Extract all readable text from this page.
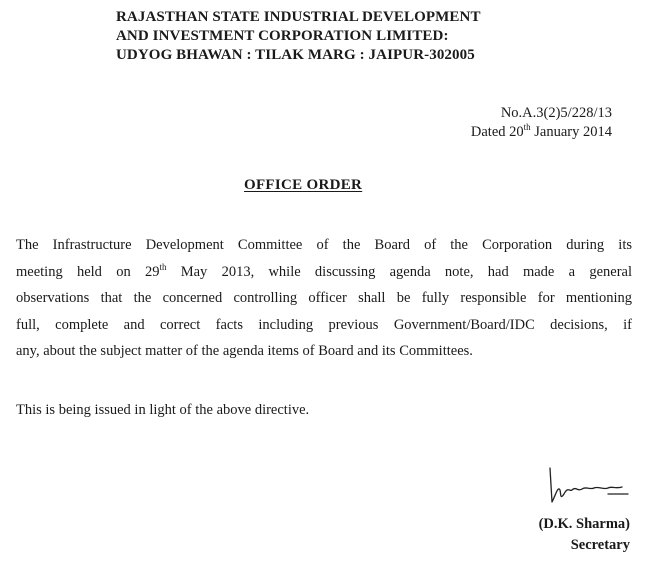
RAJASTHAN STATE INDUSTRIAL DEVELOPMENT
AND INVESTMENT CORPORATION LIMITED:
UDYOG BHAWAN : TILAK MARG : JAIPUR-302005
No.A.3(2)5/228/13
Dated 20th January 2014
OFFICE ORDER
The Infrastructure Development Committee of the Board of the Corporation during its
meeting held on 29th May 2013, while discussing agenda note, had made a general
observations that the concerned controlling officer shall be fully responsible for mentioning
full, complete and correct facts including previous Government/Board/IDC decisions, if
any, about the subject matter of the agenda items of Board and its Committees.
This is being issued in light of the above directive.
(D.K. Sharma)
Secretary
